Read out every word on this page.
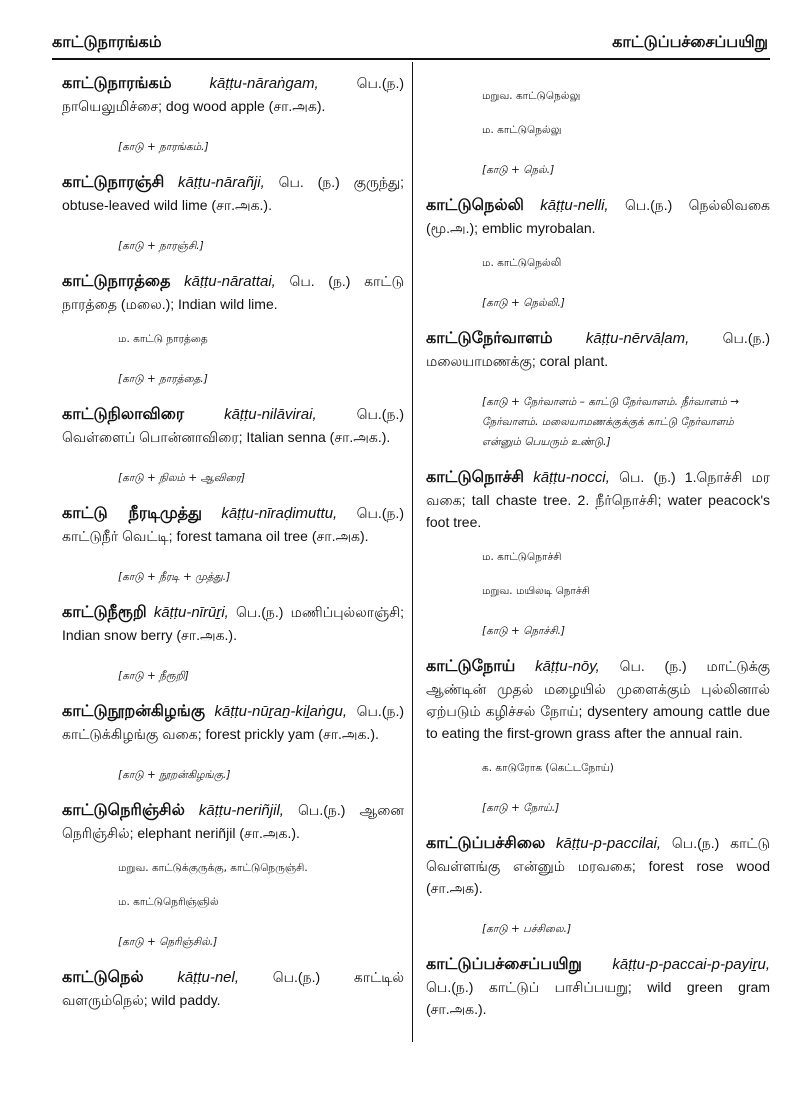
காட்டுநாரங்கம்	காட்டுப்பச்சைப்பயிறு
காட்டுநாரங்கம்	kāṭṭu-nāraṅgam,	பெ.(ந.) நாயெலுமிச்சை; dog wood apple (சா.அக).
[காடு + நாரங்கம்.]
காட்டுநாரஞ்சி kāṭṭu-nārañji, பெ. (ந.) குருந்து; obtuse-leaved wild lime (சா.அக.).
[காடு + நாரஞ்சி.]
காட்டுநாரத்தை kāṭṭu-nārattai, பெ. (ந.) காட்டு நாரத்தை (மலை.); Indian wild lime.
ம. காட்டு நாரத்தை
[காடு + நாரத்தை.]
காட்டுநிலாவிரை	kāṭṭu-nilāvirai,	பெ.(ந.) வெள்ளைப் பொன்னாவிரை; Italian senna (சா.அக.).
[காடு + நிலம் + ஆவிரை]
காட்டு நீரடிமுத்து kāṭṭu-nīraḍimuttu, பெ.(ந.) காட்டுநீர் வெட்டி; forest tamana oil tree (சா.அக).
[காடு + நீரடி + முத்து.]
காட்டுநீரூறி kāṭṭu-nīrūṟi, பெ.(ந.) மணிப்புல்லாஞ்சி; Indian snow berry (சா.அக.).
[காடு + நீரூறி]
காட்டுநூறன்கிழங்கு kāṭṭu-nūṟaṉ-kiḻaṅgu, பெ.(ந.) காட்டுக்கிழங்கு வகை; forest prickly yam (சா.அக.).
[காடு + நூறன்கிழங்கு.]
காட்டுநெரிஞ்சில் kāṭṭu-neriñjil, பெ.(ந.) ஆனை நெரிஞ்சில்; elephant neriñjil (சா.அக.).
மறுவ. காட்டுக்குருக்கு, காட்டுநெருஞ்சி.
ம. காட்டுநெரிஞ்ஞில்
[காடு + நெரிஞ்சில்.]
காட்டுநெல் kāṭṭu-nel, பெ.(ந.) காட்டில் வளரும்நெல்; wild paddy.
மறுவ. காட்டுநெல்லு
ம. காட்டுநெல்லு
[காடு + நெல்.]
காட்டுநெல்லி kāṭṭu-nelli, பெ.(ந.) நெல்லிவகை (மூ.அ.); emblic myrobalan.
ம. காட்டுநெல்லி
[காடு + நெல்லி.]
காட்டுநேர்வாளம் kāṭṭu-nērvāḷam, பெ.(ந.) மலையாமணக்கு; coral plant.
[காடு + நேர்வாளம் – காட்டு நேர்வாளம். நீர்வாளம் → நேர்வாளம். மலையாமணக்குக்குக் காட்டு நேர்வாளம் என்னும் பெயரும் உண்டு.]
காட்டுநொச்சி kāṭṭu-nocci, பெ. (ந.) 1.நொச்சி மர வகை; tall chaste tree. 2. நீர்நொச்சி; water peacock's foot tree.
ம. காட்டுநொச்சி
மறுவ. மயிலடி நொச்சி
[காடு + நொச்சி.]
காட்டுநோய் kāṭṭu-nōy, பெ. (ந.) மாட்டுக்கு ஆண்டின் முதல் மழையில் முளைக்கும் புல்லினால் ஏற்படும் கழிச்சல் நோய்; dysentery amoung cattle due to eating the first-grown grass after the annual rain.
க. காடுரோக (கெட்டநோய்)
[காடு + நோய்.]
காட்டுப்பச்சிலை kāṭṭu-p-paccilai, பெ.(ந.) காட்டு வெள்ளங்கு என்னும் மரவகை; forest rose wood (சா.அக).
[காடு + பச்சிலை.]
காட்டுப்பச்சைப்பயிறு kāṭṭu-p-paccai-p-payiṟu, பெ.(ந.) காட்டுப் பாசிப்பயறு; wild green gram (சா.அக.).
